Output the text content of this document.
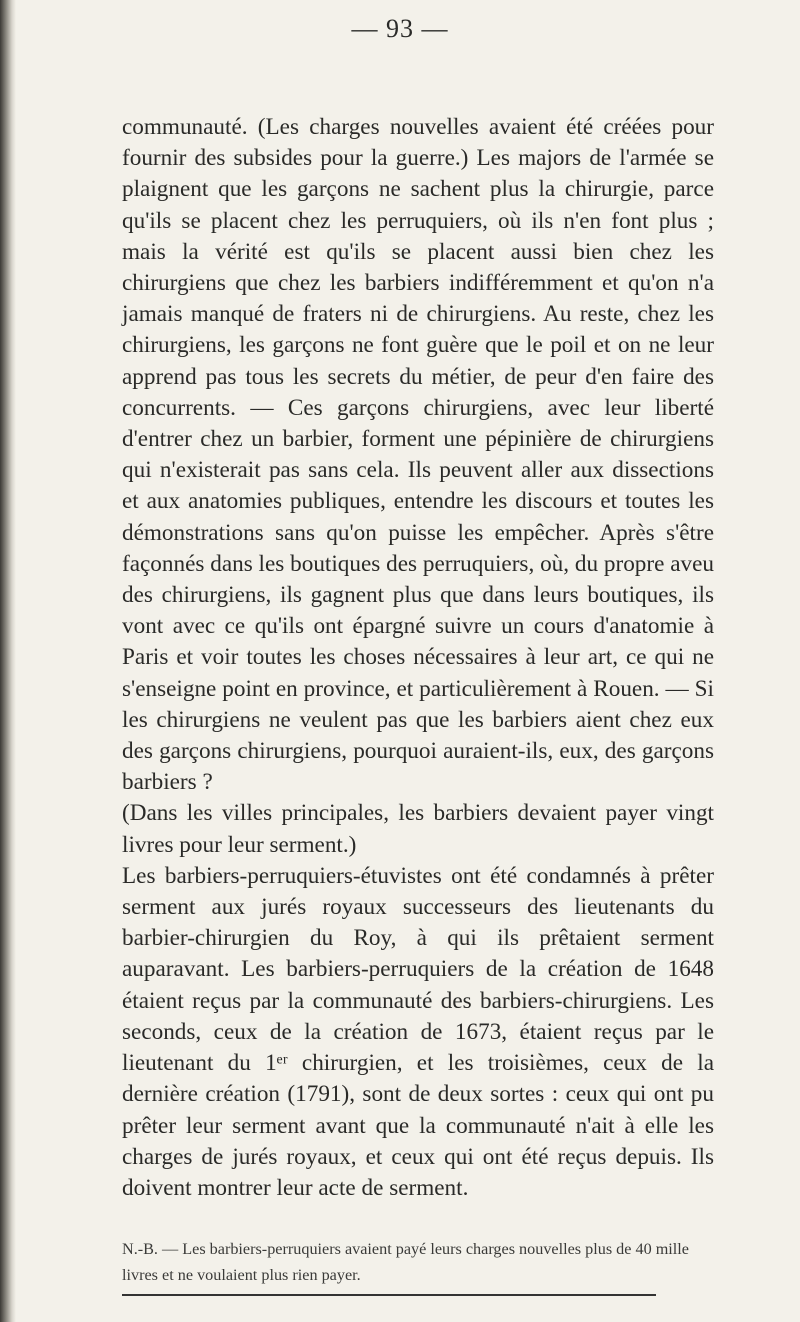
— 93 —

communauté. (Les charges nouvelles avaient été créées pour fournir des subsides pour la guerre.) Les majors de l'armée se plaignent que les garçons ne sachent plus la chirurgie, parce qu'ils se placent chez les perruquiers, où ils n'en font plus ; mais la vérité est qu'ils se placent aussi bien chez les chirurgiens que chez les barbiers indifféremment et qu'on n'a jamais manqué de fraters ni de chirurgiens. Au reste, chez les chirurgiens, les garçons ne font guère que le poil et on ne leur apprend pas tous les secrets du métier, de peur d'en faire des concurrents. — Ces garçons chirurgiens, avec leur liberté d'entrer chez un barbier, forment une pépinière de chirurgiens qui n'existerait pas sans cela. Ils peuvent aller aux dissections et aux anatomies publiques, entendre les discours et toutes les démonstrations sans qu'on puisse les empêcher. Après s'être façonnés dans les boutiques des perruquiers, où, du propre aveu des chirurgiens, ils gagnent plus que dans leurs boutiques, ils vont avec ce qu'ils ont épargné suivre un cours d'anatomie à Paris et voir toutes les choses nécessaires à leur art, ce qui ne s'enseigne point en province, et particulièrement à Rouen. — Si les chirurgiens ne veulent pas que les barbiers aient chez eux des garçons chirurgiens, pourquoi auraient-ils, eux, des garçons barbiers ?

(Dans les villes principales, les barbiers devaient payer vingt livres pour leur serment.)

Les barbiers-perruquiers-étuvistes ont été condamnés à prêter serment aux jurés royaux successeurs des lieutenants du barbier-chirurgien du Roy, à qui ils prêtaient serment auparavant. Les barbiers-perruquiers de la création de 1648 étaient reçus par la communauté des barbiers-chirurgiens. Les seconds, ceux de la création de 1673, étaient reçus par le lieutenant du 1ᵉʳ chirurgien, et les troisièmes, ceux de la dernière création (1791), sont de deux sortes : ceux qui ont pu prêter leur serment avant que la communauté n'ait à elle les charges de jurés royaux, et ceux qui ont été reçus depuis. Ils doivent montrer leur acte de serment.

N.-B. — Les barbiers-perruquiers avaient payé leurs charges nouvelles plus de 40 mille livres et ne voulaient plus rien payer.
